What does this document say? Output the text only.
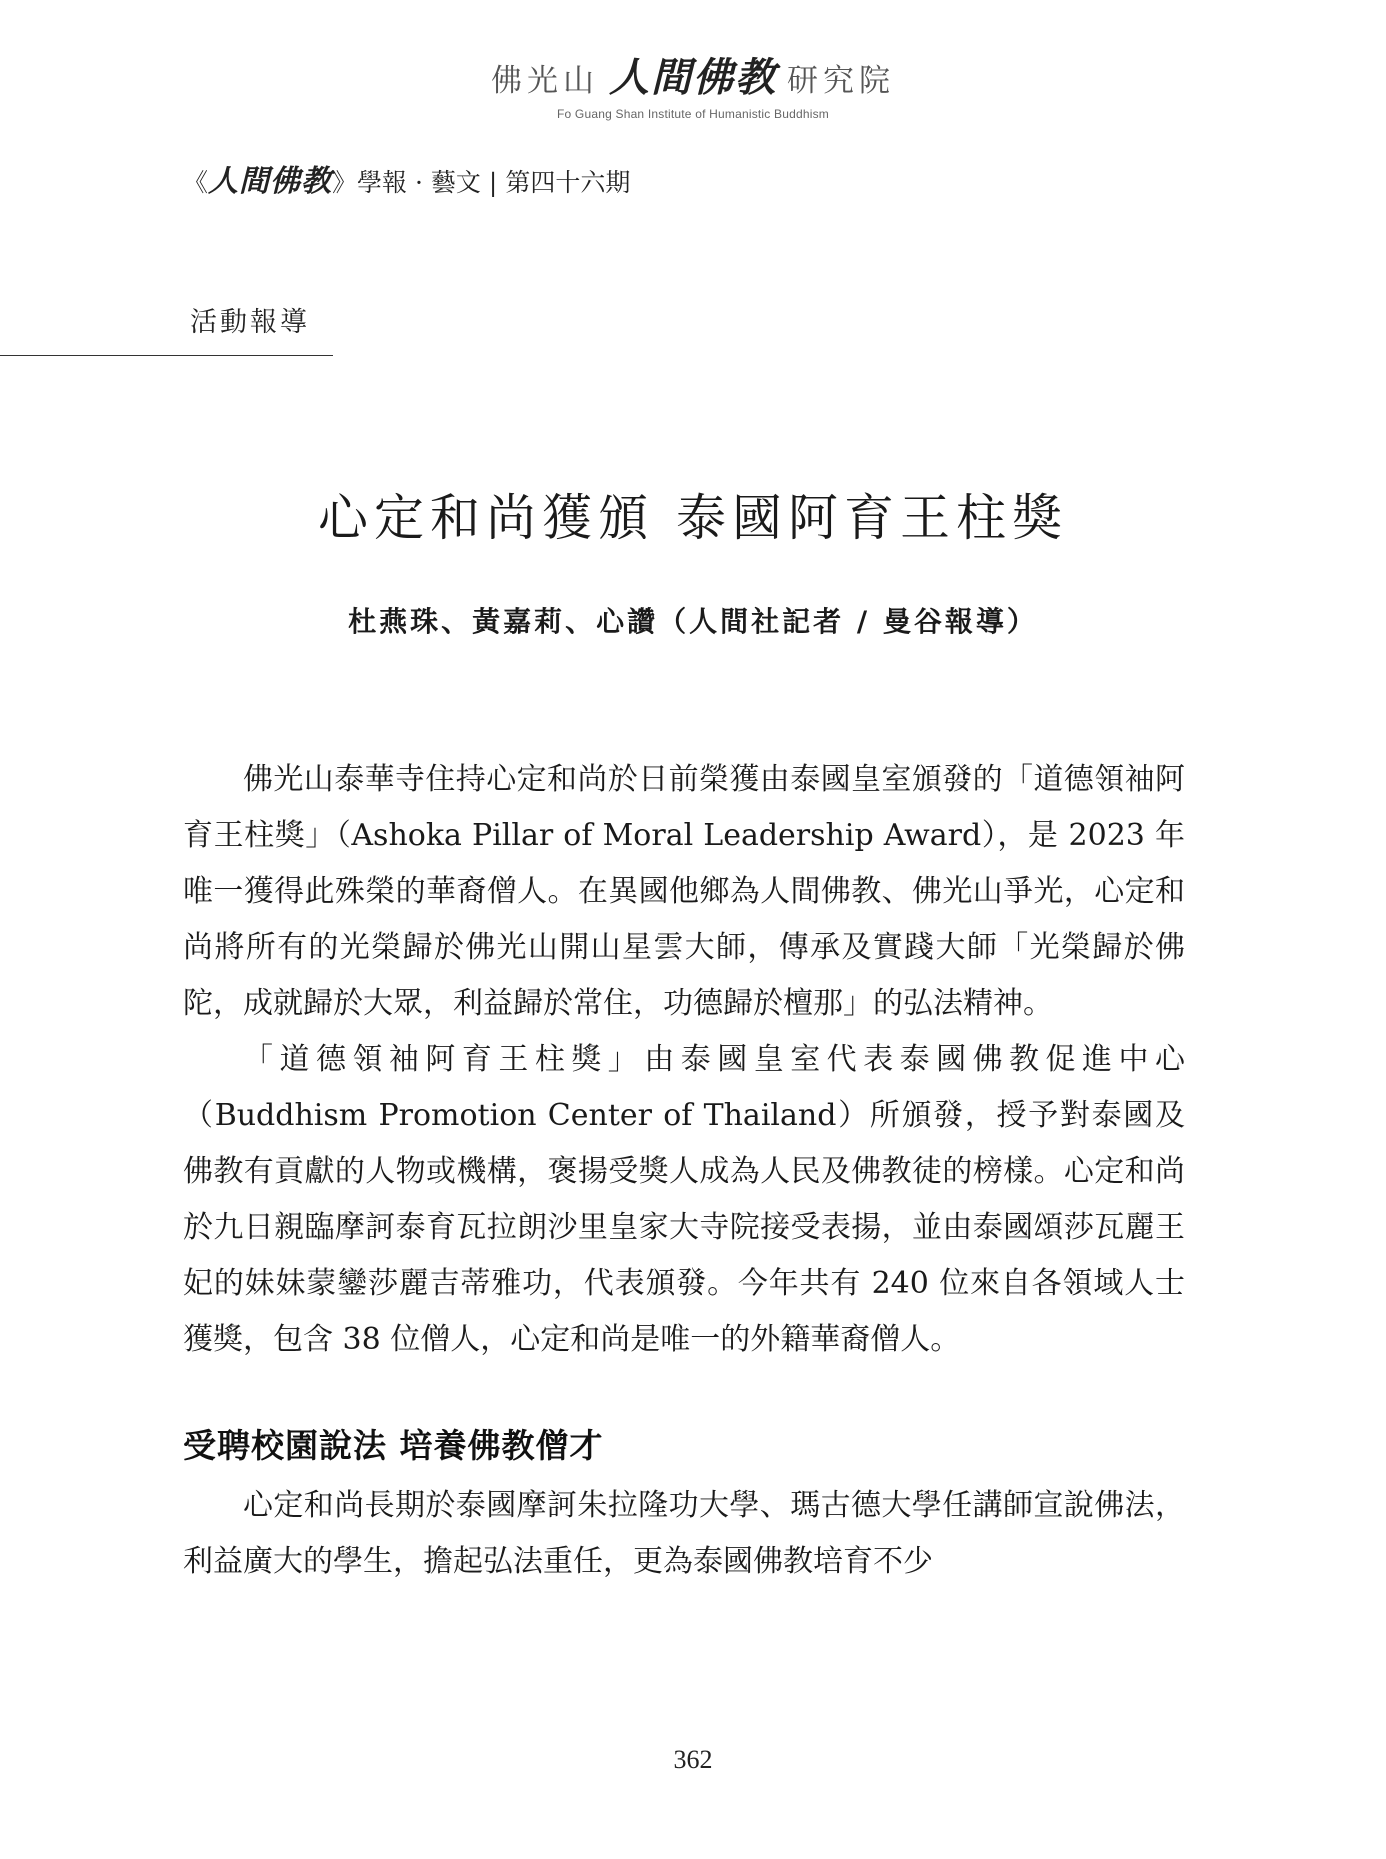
佛光山 人間佛教 研究院
Fo Guang Shan Institute of Humanistic Buddhism
《人間佛教》學報 · 藝文 | 第四十六期
活動報導
心定和尚獲頒 泰國阿育王柱獎
杜燕珠、黃嘉莉、心讚（人間社記者 / 曼谷報導）

佛光山泰華寺住持心定和尚於日前榮獲由泰國皇室頒發的「道德領袖阿育王柱獎」（Ashoka Pillar of Moral Leadership Award），是 2023 年唯一獲得此殊榮的華裔僧人。在異國他鄉為人間佛教、佛光山爭光，心定和尚將所有的光榮歸於佛光山開山星雲大師，傳承及實踐大師「光榮歸於佛陀，成就歸於大眾，利益歸於常住，功德歸於檀那」的弘法精神。

「道德領袖阿育王柱獎」由泰國皇室代表泰國佛教促進中心（Buddhism Promotion Center of Thailand）所頒發，授予對泰國及佛教有貢獻的人物或機構，褒揚受獎人成為人民及佛教徒的榜樣。心定和尚於九日親臨摩訶泰育瓦拉朗沙里皇家大寺院接受表揚，並由泰國頌莎瓦麗王妃的妹妹蒙鑾莎麗吉蒂雅功，代表頒發。今年共有 240 位來自各領域人士獲獎，包含 38 位僧人，心定和尚是唯一的外籍華裔僧人。

受聘校園說法 培養佛教僧才

心定和尚長期於泰國摩訶朱拉隆功大學、瑪古德大學任講師宣說佛法，利益廣大的學生，擔起弘法重任，更為泰國佛教培育不少

362
